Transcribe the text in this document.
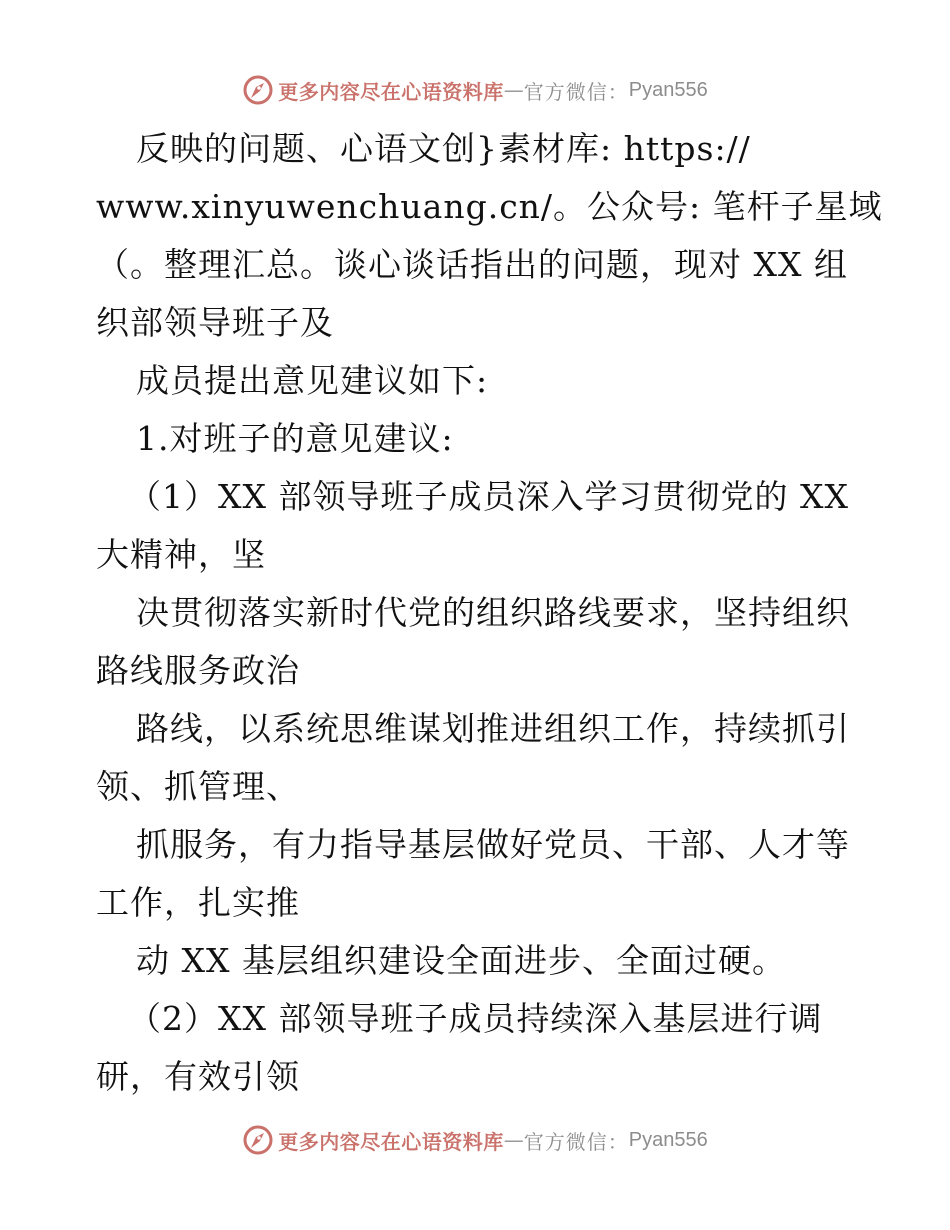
更多内容尽在心语资料库 — 官方微信： Pyan556
反映的问题、心语文创}素材库: https://
www.xinyuwenchuang.cn/。公众号: 笔杆子星域
（。整理汇总。谈心谈话指出的问题，现对 XX 组
织部领导班子及
成员提出意见建议如下:
1.对班子的意见建议:
（1）XX 部领导班子成员深入学习贯彻党的 XX
大精神，坚
决贯彻落实新时代党的组织路线要求，坚持组织
路线服务政治
路线，以系统思维谋划推进组织工作，持续抓引
领、抓管理、
抓服务，有力指导基层做好党员、干部、人才等
工作，扎实推
动 XX 基层组织建设全面进步、全面过硬。
（2）XX 部领导班子成员持续深入基层进行调
研，有效引领
更多内容尽在心语资料库 — 官方微信： Pyan556
